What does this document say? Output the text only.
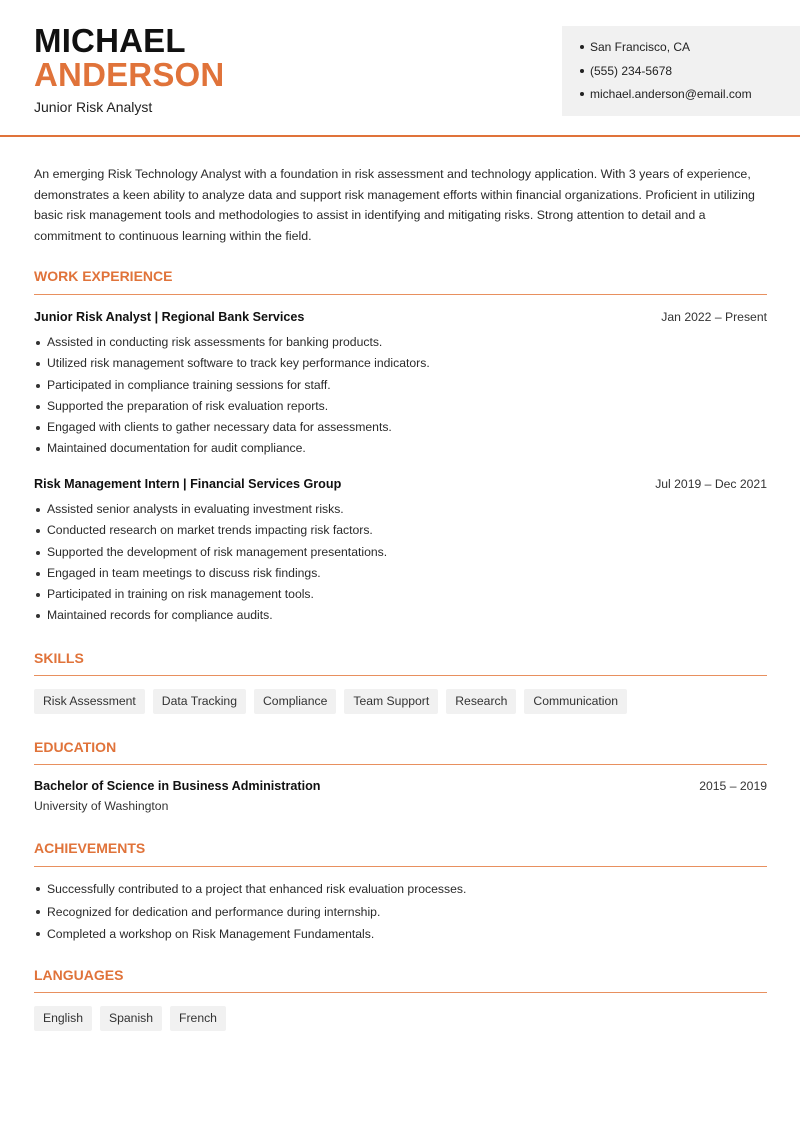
MICHAEL
ANDERSON
Junior Risk Analyst
San Francisco, CA
(555) 234-5678
michael.anderson@email.com

An emerging Risk Technology Analyst with a foundation in risk assessment and technology application. With 3 years of experience, demonstrates a keen ability to analyze data and support risk management efforts within financial organizations. Proficient in utilizing basic risk management tools and methodologies to assist in identifying and mitigating risks. Strong attention to detail and a commitment to continuous learning within the field.

WORK EXPERIENCE
Junior Risk Analyst | Regional Bank Services	Jan 2022 – Present
Assisted in conducting risk assessments for banking products.
Utilized risk management software to track key performance indicators.
Participated in compliance training sessions for staff.
Supported the preparation of risk evaluation reports.
Engaged with clients to gather necessary data for assessments.
Maintained documentation for audit compliance.
Risk Management Intern | Financial Services Group	Jul 2019 – Dec 2021
Assisted senior analysts in evaluating investment risks.
Conducted research on market trends impacting risk factors.
Supported the development of risk management presentations.
Engaged in team meetings to discuss risk findings.
Participated in training on risk management tools.
Maintained records for compliance audits.
SKILLS
Risk Assessment	Data Tracking	Compliance	Team Support	Research	Communication
EDUCATION
Bachelor of Science in Business Administration	2015 – 2019
University of Washington
ACHIEVEMENTS
Successfully contributed to a project that enhanced risk evaluation processes.
Recognized for dedication and performance during internship.
Completed a workshop on Risk Management Fundamentals.
LANGUAGES
English	Spanish	French
